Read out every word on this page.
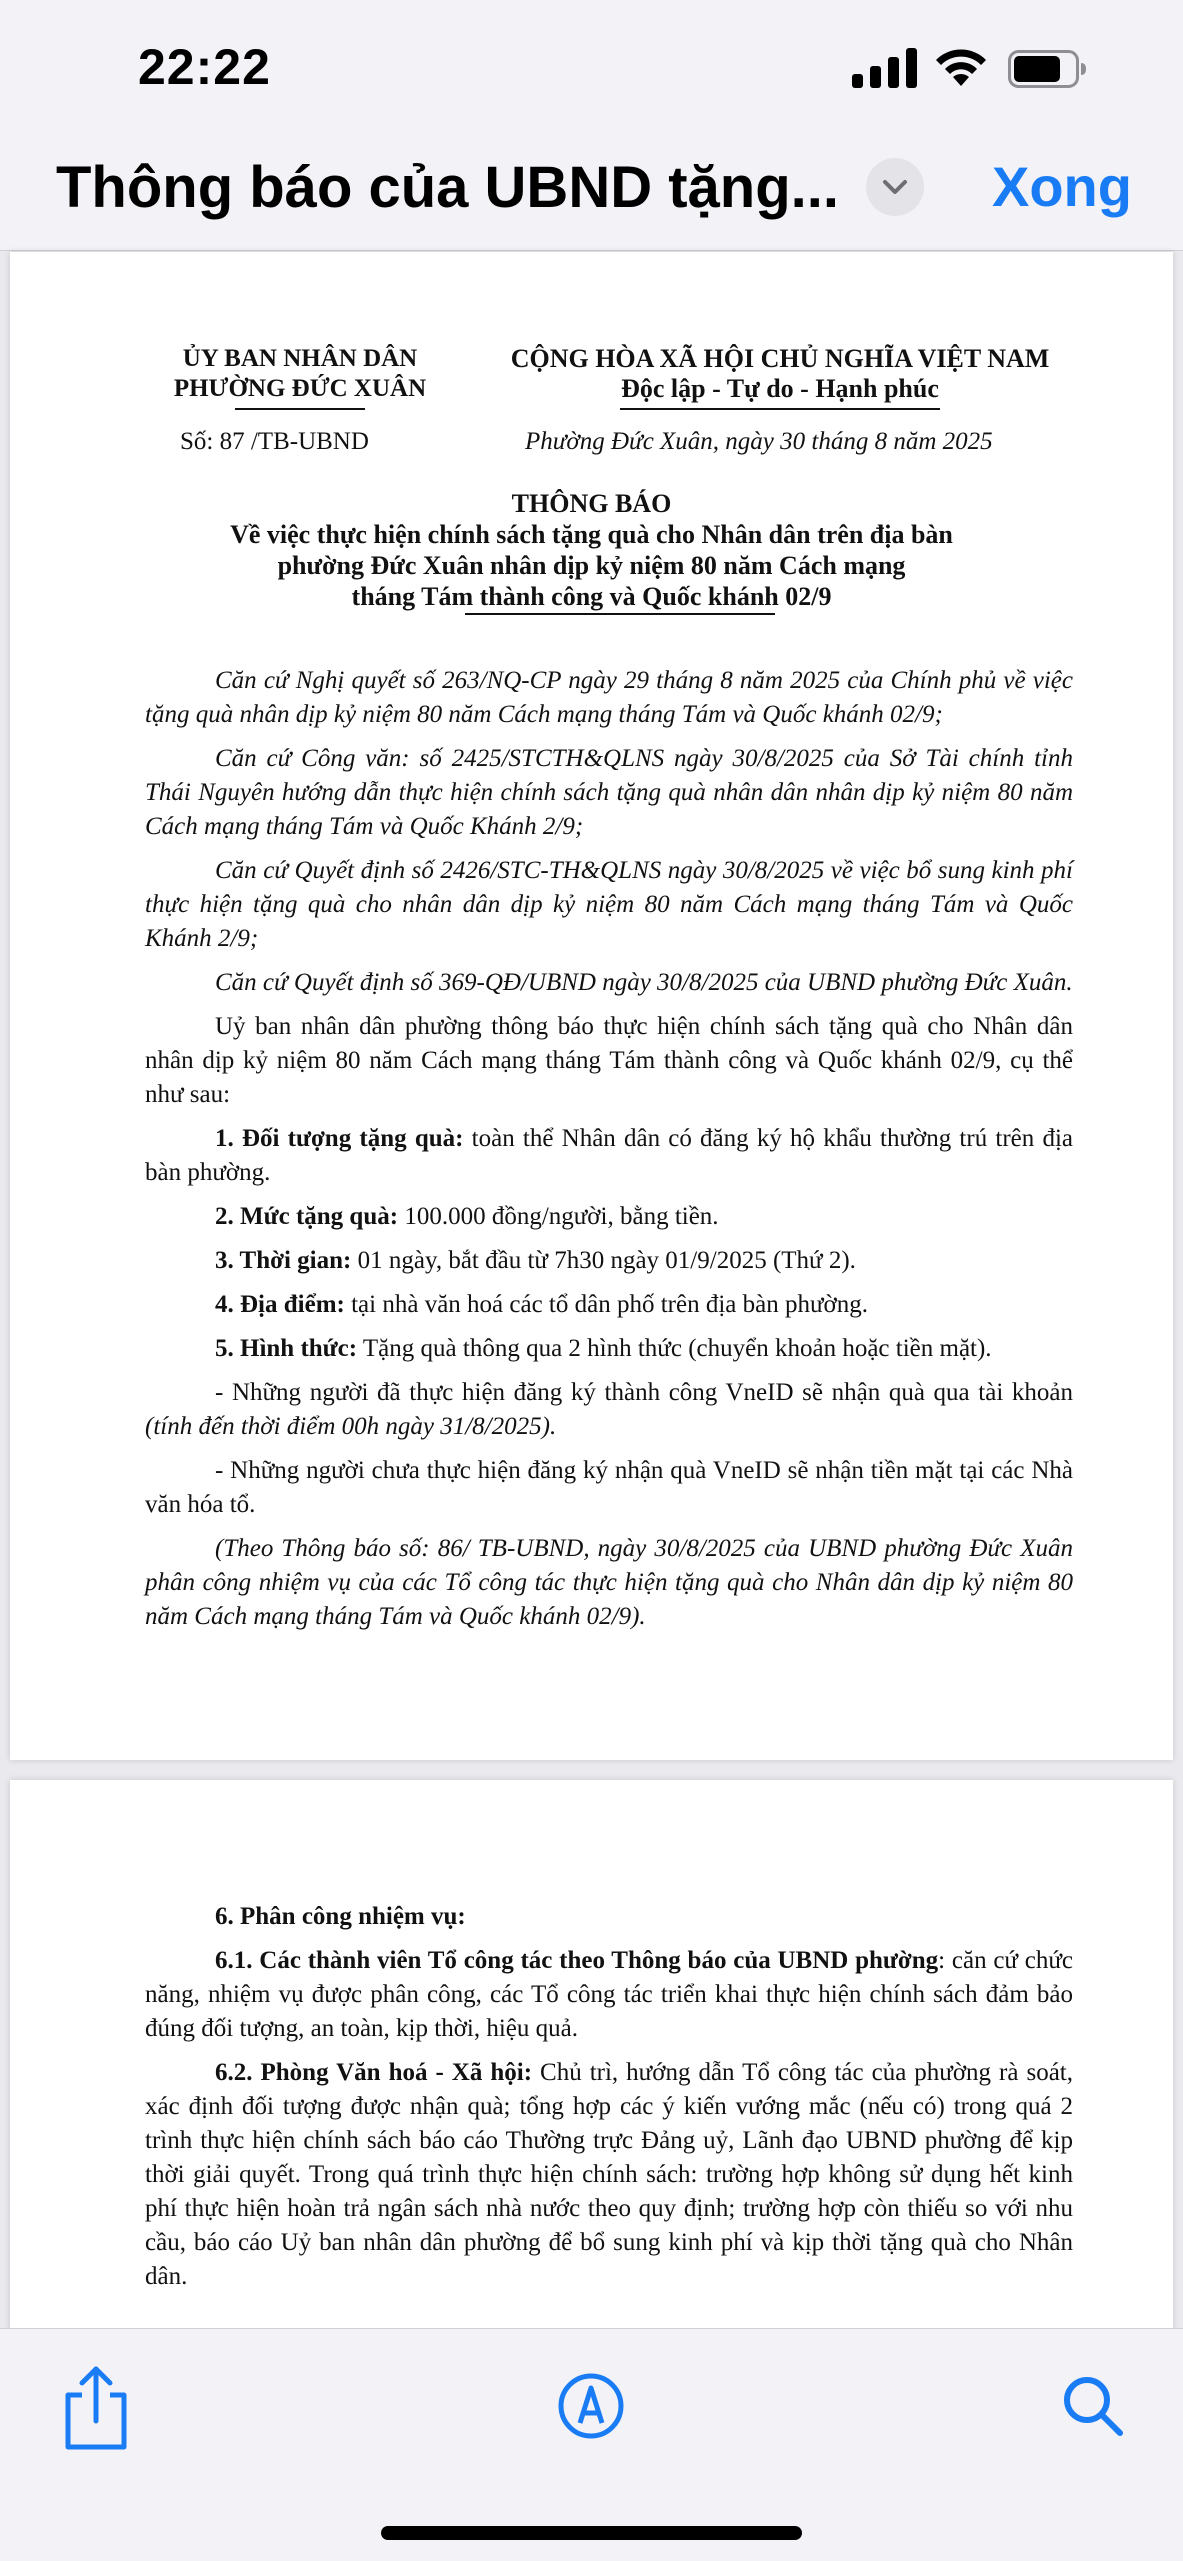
22:22
Thông báo của UBND tặng...	Xong
ỦY BAN NHÂN DÂN
PHƯỜNG ĐỨC XUÂN
CỘNG HÒA XÃ HỘI CHỦ NGHĨA VIỆT NAM
Độc lập - Tự do - Hạnh phúc
Số: 87 /TB-UBND	Phường Đức Xuân, ngày 30 tháng 8 năm 2025
THÔNG BÁO
Về việc thực hiện chính sách tặng quà cho Nhân dân trên địa bàn
phường Đức Xuân nhân dịp kỷ niệm 80 năm Cách mạng
tháng Tám thành công và Quốc khánh 02/9

Căn cứ Nghị quyết số 263/NQ-CP ngày 29 tháng 8 năm 2025 của Chính phủ về việc tặng quà nhân dịp kỷ niệm 80 năm Cách mạng tháng Tám và Quốc khánh 02/9;

Căn cứ Công văn: số 2425/STCTH&QLNS ngày 30/8/2025 của Sở Tài chính tỉnh Thái Nguyên hướng dẫn thực hiện chính sách tặng quà nhân dân nhân dịp kỷ niệm 80 năm Cách mạng tháng Tám và Quốc Khánh 2/9;

Căn cứ Quyết định số 2426/STC-TH&QLNS ngày 30/8/2025 về việc bổ sung kinh phí thực hiện tặng quà cho nhân dân dịp kỷ niệm 80 năm Cách mạng tháng Tám và Quốc Khánh 2/9;

Căn cứ Quyết định số 369-QĐ/UBND ngày 30/8/2025 của UBND phường Đức Xuân.

Uỷ ban nhân dân phường thông báo thực hiện chính sách tặng quà cho Nhân dân nhân dịp kỷ niệm 80 năm Cách mạng tháng Tám thành công và Quốc khánh 02/9, cụ thể như sau:

1. Đối tượng tặng quà: toàn thể Nhân dân có đăng ký hộ khẩu thường trú trên địa bàn phường.

2. Mức tặng quà: 100.000 đồng/người, bằng tiền.

3. Thời gian: 01 ngày, bắt đầu từ 7h30 ngày 01/9/2025 (Thứ 2).

4. Địa điểm: tại nhà văn hoá các tổ dân phố trên địa bàn phường.

5. Hình thức: Tặng quà thông qua 2 hình thức (chuyển khoản hoặc tiền mặt).

- Những người đã thực hiện đăng ký thành công VneID sẽ nhận quà qua tài khoản (tính đến thời điểm 00h ngày 31/8/2025).

- Những người chưa thực hiện đăng ký nhận quà VneID sẽ nhận tiền mặt tại các Nhà văn hóa tổ.

(Theo Thông báo số: 86/ TB-UBND, ngày 30/8/2025 của UBND phường Đức Xuân phân công nhiệm vụ của các Tổ công tác thực hiện tặng quà cho Nhân dân dịp kỷ niệm 80 năm Cách mạng tháng Tám và Quốc khánh 02/9).

6. Phân công nhiệm vụ:

6.1. Các thành viên Tổ công tác theo Thông báo của UBND phường: căn cứ chức năng, nhiệm vụ được phân công, các Tổ công tác triển khai thực hiện chính sách đảm bảo đúng đối tượng, an toàn, kịp thời, hiệu quả.

6.2. Phòng Văn hoá - Xã hội: Chủ trì, hướng dẫn Tổ công tác của phường rà soát, xác định đối tượng được nhận quà; tổng hợp các ý kiến vướng mắc (nếu có) trong quá 2 trình thực hiện chính sách báo cáo Thường trực Đảng uỷ, Lãnh đạo UBND phường để kịp thời giải quyết. Trong quá trình thực hiện chính sách: trường hợp không sử dụng hết kinh phí thực hiện hoàn trả ngân sách nhà nước theo quy định; trường hợp còn thiếu so với nhu cầu, báo cáo Uỷ ban nhân dân phường để bổ sung kinh phí và kịp thời tặng quà cho Nhân dân.
